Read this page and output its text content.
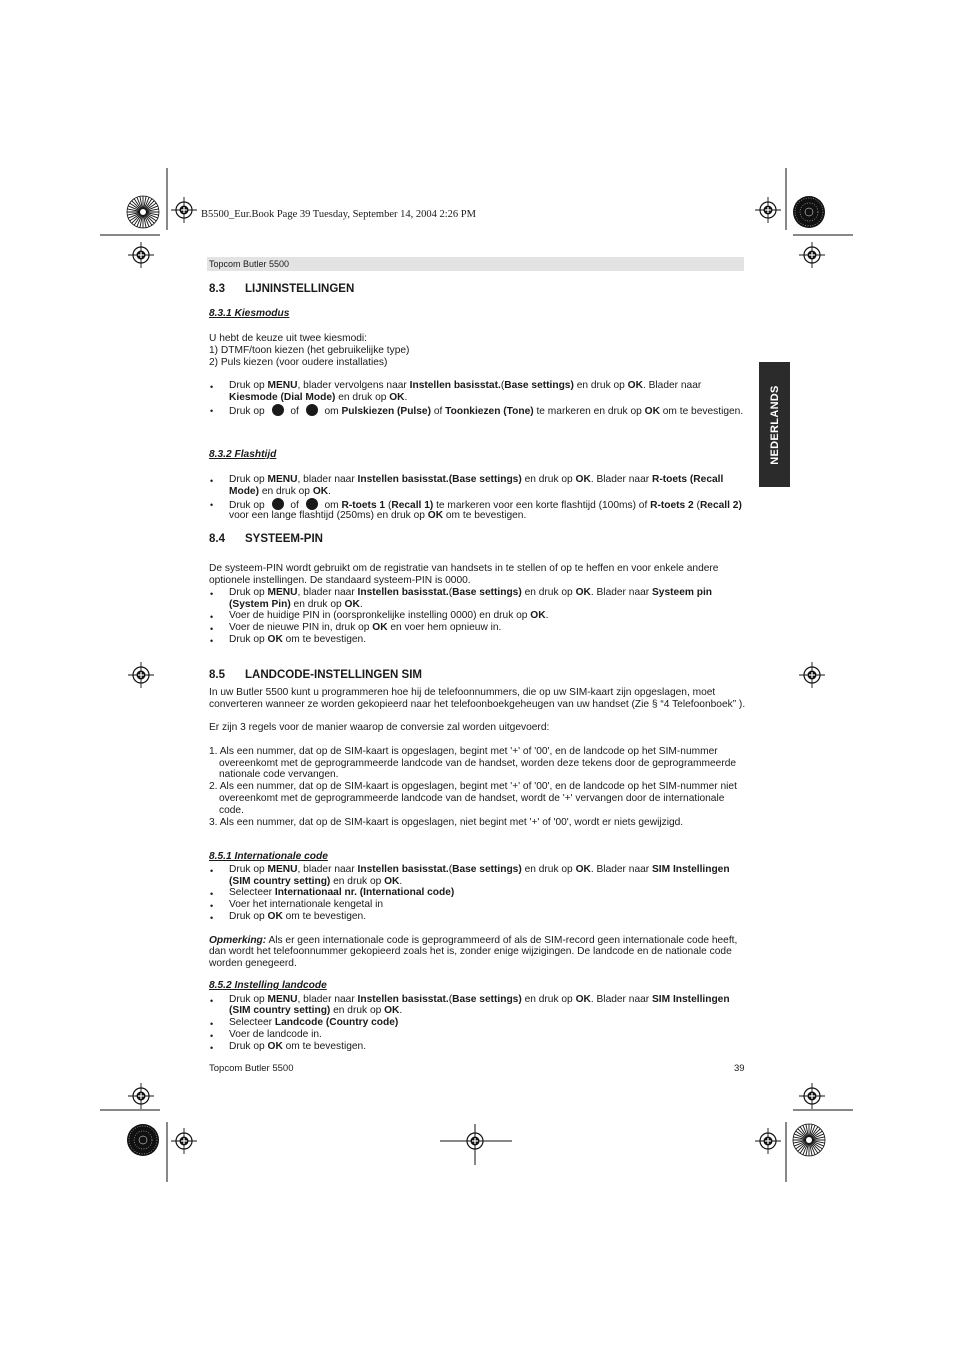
B5500_Eur.Book Page 39 Tuesday, September 14, 2004 2:26 PM
Topcom Butler 5500
NEDERLANDS
8.3 LIJNINSTELLINGEN
8.3.1 Kiesmodus
U hebt de keuze uit twee kiesmodi:
1) DTMF/toon kiezen (het gebruikelijke type)
2) Puls kiezen (voor oudere installaties)
• Druk op MENU, blader vervolgens naar Instellen basisstat.(Base settings) en druk op OK. Blader naar
Kiesmode (Dial Mode) en druk op OK.
• Druk op  of  om Pulskiezen (Pulse) of Toonkiezen (Tone) te markeren en druk op OK om te bevestigen.
8.3.2 Flashtijd
• Druk op MENU, blader naar Instellen basisstat.(Base settings) en druk op OK. Blader naar R-toets (Recall
Mode) en druk op OK.
• Druk op  of  om R-toets 1 (Recall 1) te markeren voor een korte flashtijd (100ms) of R-toets 2 (Recall 2)
voor een lange flashtijd (250ms) en druk op OK om te bevestigen.
8.4 SYSTEEM-PIN
De systeem-PIN wordt gebruikt om de registratie van handsets in te stellen of op te heffen en voor enkele andere
optionele instellingen. De standaard systeem-PIN is 0000.
• Druk op MENU, blader naar Instellen basisstat.(Base settings) en druk op OK. Blader naar Systeem pin
(System Pin) en druk op OK.
• Voer de huidige PIN in (oorspronkelijke instelling 0000) en druk op OK.
• Voer de nieuwe PIN in, druk op OK en voer hem opnieuw in.
• Druk op OK om te bevestigen.
8.5 LANDCODE-INSTELLINGEN SIM
In uw Butler 5500 kunt u programmeren hoe hij de telefoonnummers, die op uw SIM-kaart zijn opgeslagen, moet
converteren wanneer ze worden gekopieerd naar het telefoonboekgeheugen van uw handset (Zie § “4 Telefoonboek” ).
Er zijn 3 regels voor de manier waarop de conversie zal worden uitgevoerd:
1. Als een nummer, dat op de SIM-kaart is opgeslagen, begint met '+' of '00', en de landcode op het SIM-nummer
overeenkomt met de geprogrammeerde landcode van de handset, worden deze tekens door de geprogrammeerde
nationale code vervangen.
2. Als een nummer, dat op de SIM-kaart is opgeslagen, begint met '+' of '00', en de landcode op het SIM-nummer niet
overeenkomt met de geprogrammeerde landcode van de handset, wordt de '+' vervangen door de internationale
code.
3. Als een nummer, dat op de SIM-kaart is opgeslagen, niet begint met '+' of '00', wordt er niets gewijzigd.
8.5.1 Internationale code
• Druk op MENU, blader naar Instellen basisstat.(Base settings) en druk op OK. Blader naar SIM Instellingen
(SIM country setting) en druk op OK.
• Selecteer Internationaal nr. (International code)
• Voer het internationale kengetal in
• Druk op OK om te bevestigen.
Opmerking: Als er geen internationale code is geprogrammeerd of als de SIM-record geen internationale code heeft,
dan wordt het telefoonnummer gekopieerd zoals het is, zonder enige wijzigingen. De landcode en de nationale code
worden genegeerd.
8.5.2 Instelling landcode
• Druk op MENU, blader naar Instellen basisstat.(Base settings) en druk op OK. Blader naar SIM Instellingen
(SIM country setting) en druk op OK.
• Selecteer Landcode (Country code)
• Voer de landcode in.
• Druk op OK om te bevestigen.
Topcom Butler 5500	39
